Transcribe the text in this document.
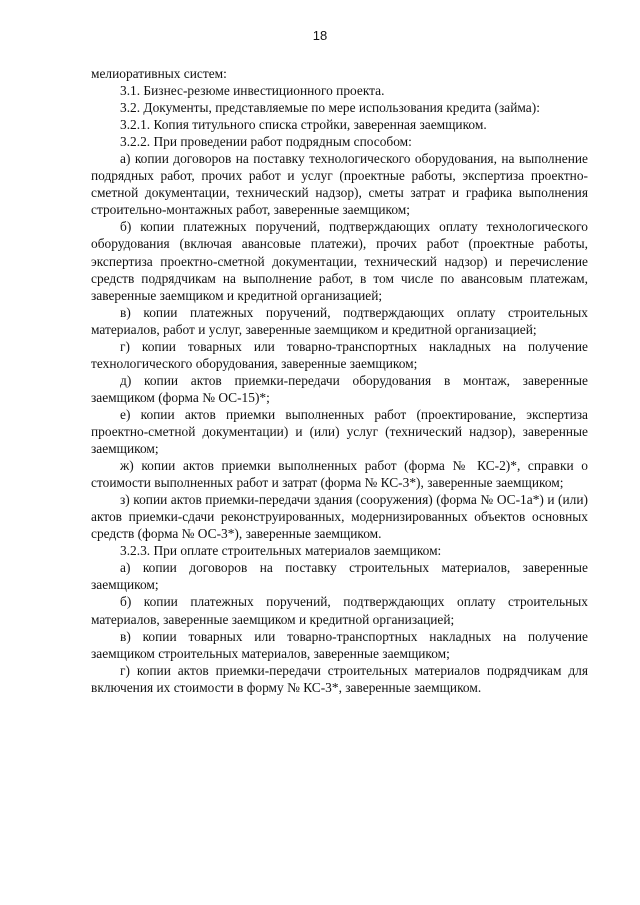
18

мелиоративных систем:

3.1. Бизнес-резюме инвестиционного проекта.

3.2. Документы, представляемые по мере использования кредита (займа):

3.2.1. Копия титульного списка стройки, заверенная заемщиком.

3.2.2. При проведении работ подрядным способом:

а) копии договоров на поставку технологического оборудования, на выполнение подрядных работ, прочих работ и услуг (проектные работы, экспертиза проектно-сметной документации, технический надзор), сметы затрат и графика выполнения строительно-монтажных работ, заверенные заемщиком;

б) копии платежных поручений, подтверждающих оплату технологического оборудования (включая авансовые платежи), прочих работ (проектные работы, экспертиза проектно-сметной документации, технический надзор) и перечисление средств подрядчикам на выполнение работ, в том числе по авансовым платежам, заверенные заемщиком и кредитной организацией;

в) копии платежных поручений, подтверждающих оплату строительных материалов, работ и услуг, заверенные заемщиком и кредитной организацией;

г) копии товарных или товарно-транспортных накладных на получение технологического оборудования, заверенные заемщиком;

д) копии актов приемки-передачи оборудования в монтаж, заверенные заемщиком (форма № ОС-15)*;

е) копии актов приемки выполненных работ (проектирование, экспертиза проектно-сметной документации) и (или) услуг (технический надзор), заверенные заемщиком;

ж) копии актов приемки выполненных работ (форма № КС-2)*, справки о стоимости выполненных работ и затрат (форма № КС-3*), заверенные заемщиком;

з) копии актов приемки-передачи здания (сооружения) (форма № ОС-1а*) и (или) актов приемки-сдачи реконструированных, модернизированных объектов основных средств (форма № ОС-3*), заверенные заемщиком.

3.2.3. При оплате строительных материалов заемщиком:

а) копии договоров на поставку строительных материалов, заверенные заемщиком;

б) копии платежных поручений, подтверждающих оплату строительных материалов, заверенные заемщиком и кредитной организацией;

в) копии товарных или товарно-транспортных накладных на получение заемщиком строительных материалов, заверенные заемщиком;

г) копии актов приемки-передачи строительных материалов подрядчикам для включения их стоимости в форму № КС-3*, заверенные заемщиком.
